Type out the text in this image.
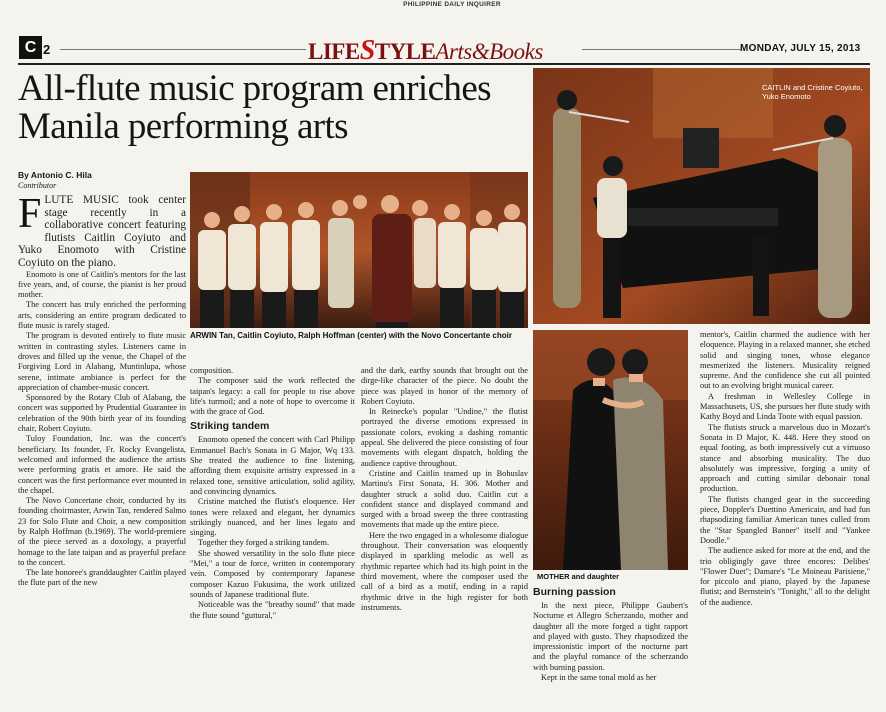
PHILIPPINE DAILY INQUIRER
C 2	LIFESTYLEArts&Books	MONDAY, JULY 15, 2013
All-flute music program enriches Manila performing arts
By Antonio C. Hila
Contributor

FLUTE MUSIC took center stage recently in a collaborative concert featuring flutists Caitlin Coyiuto and Yuko Enomoto with Cristine Coyiuto on the piano.

Enomoto is one of Caitlin's mentors for the last five years, and, of course, the pianist is her proud mother.

The concert has truly enriched the performing arts, considering an entire program dedicated to flute music is rarely staged.

The program is devoted entirely to flute music written in contrasting styles. Listeners came in droves and filled up the venue, the Chapel of the Forgiving Lord in Alabang, Muntinlupa, whose serene, intimate ambiance is perfect for the appreciation of chamber-music concert.

Sponsored by the Rotary Club of Alabang, the concert was supported by Prudential Guarantee in celebration of the 90th birth year of its founding chair, Robert Coyiuto.

Tuloy Foundation, Inc. was the concert's beneficiary. Its founder, Fr. Rocky Evangelista, welcomed and informed the audience the artists were performing gratis et amore. He said the concert was the first performance ever mounted in the chapel.

The Novo Concertane choir, conducted by its founding choirmaster, Arwin Tan, rendered Salmo 23 for Solo Flute and Choir, a new composition by Ralph Hoffman (b.1969). The world-premiere of the piece served as a doxology, a prayerful homage to the late taipan and as prayerful preface to the concert.

The late honoree's granddaughter Caitlin played the flute part of the new

ARWIN Tan, Caitlin Coyiuto, Ralph Hoffman (center) with the Novo Concertante choir

composition.

The composer said the work reflected the taipan's legacy: a call for people to rise above life's turmoil; and a note of hope to overcome it with the grace of God.

Striking tandem

Enomoto opened the concert with Carl Philipp Emmanuel Bach's Sonata in G Major, Wq 133. She treated the audience to fine listening, affording them exquisite artistry expressed in a relaxed tone, sensitive articulation, solid agility, and convincing dynamics.

Cristine matched the flutist's eloquence. Her tones were relaxed and elegant, her dynamics strikingly nuanced, and her lines legato and singing.

Together they forged a striking tandem.

She showed versatility in the solo flute piece "Mei," a tour de force, written in contemporary vein. Composed by contemporary Japanese composer Kazuo Fukusima, the work utilized sounds of Japanese traditional flute.

Noticeable was the "breathy sound" that made the flute sound "guttural,"

and the dark, earthy sounds that brought out the dirge-like character of the piece. No doubt the piece was played in honor of the memory of Robert Coyiuto.

In Reinecke's popular "Undine," the flutist portrayed the diverse emotions expressed in passionate colors, evoking a dashing romantic appeal. She delivered the piece consisting of four movements with elegant dispatch, holding the audience captive throughout.

Cristine and Caitlin teamed up in Bohuslav Martinu's First Sonata, H. 306. Mother and daughter struck a solid duo. Caitlin cut a confident stance and displayed command and surged with a broad sweep the three contrasting movements that made up the entire piece.

Here the two engaged in a wholesome dialogue throughout. Their conversation was eloquently displayed in sparkling melodic as well as rhythmic repartee which had its high point in the third movement, where the composer used the call of a bird as a motif, ending in a rapid rhythmic drive in the high register for both instruments.

CAITLIN and Cristine Coyiuto, Yuko Enomoto
MOTHER and daughter
Burning passion

In the next piece, Philippe Gaubert's Nocturne et Allegro Scherzando, mother and daughter all the more forged a tight rapport and played with gusto. They rhapsodized the impressionistic import of the nocturne part and the playful romance of the scherzando with burning passion.

Kept in the same tonal mold as her

mentor's, Caitlin charmed the audience with her eloquence. Playing in a relaxed manner, she etched solid and singing tones, whose elegance mesmerized the listeners. Musicality reigned supreme. And the confidence she cut all pointed out to an evolving bright musical career.

A freshman in Wellesley College in Massachusets, US, she pursues her flute study with Kathy Boyd and Linda Toote with equal passion.

The flutists struck a marvelous duo in Mozart's Sonata in D Major, K. 448. Here they stood on equal footing, as both impressively cut a virtuoso stance and absorbing musicality. The duo absolutely was impressive, forging a unity of approach and cutting similar debonair tonal production.

The flutists changed gear in the succeeding piece, Doppler's Duettino Americain, and had fun rhapsodizing familiar American tunes culled from the "Star Spangled Banner" itself and "Yankee Doodle."

The audience asked for more at the end, and the trio obligingly gave three encores: Delibes' "Flower Duet"; Damare's "Le Moineau Parisiene," for piccolo and piano, played by the Japanese flutist; and Bernstein's "Tonight," all to the delight of the audience.
